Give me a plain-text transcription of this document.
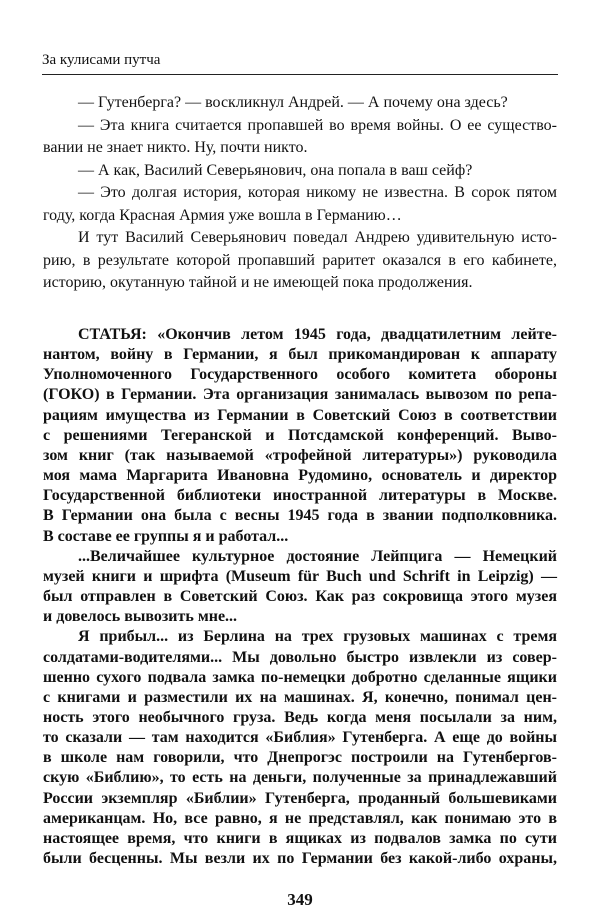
За кулисами путча
— Гутенберга? — воскликнул Андрей. — А почему она здесь?
— Эта книга считается пропавшей во время войны. О ее существо-
вании не знает никто. Ну, почти никто.
— А как, Василий Северьянович, она попала в ваш сейф?
— Это долгая история, которая никому не известна. В сорок пятом
году, когда Красная Армия уже вошла в Германию…
И тут Василий Северьянович поведал Андрею удивительную исто-
рию, в результате которой пропавший раритет оказался в его кабинете,
историю, окутанную тайной и не имеющей пока продолжения.
СТАТЬЯ: «Окончив летом 1945 года, двадцатилетним лейте-
нантом, войну в Германии, я был прикомандирован к аппарату
Уполномоченного Государственного особого комитета обороны
(ГОКО) в Германии. Эта организация занималась вывозом по репа-
рациям имущества из Германии в Советский Союз в соответствии
с решениями Тегеранской и Потсдамской конференций. Выво-
зом книг (так называемой «трофейной литературы») руководила
моя мама Маргарита Ивановна Рудомино, основатель и директор
Государственной библиотеки иностранной литературы в Москве.
В Германии она была с весны 1945 года в звании подполковника.
В составе ее группы я и работал...
...Величайшее культурное достояние Лейпцига — Немецкий
музей книги и шрифта (Museum für Buch und Schrift in Leipzig) —
был отправлен в Советский Союз. Как раз сокровища этого музея
и довелось вывозить мне...
Я прибыл... из Берлина на трех грузовых машинах с тремя
солдатами-водителями... Мы довольно быстро извлекли из совер-
шенно сухого подвала замка по-немецки добротно сделанные ящики
с книгами и разместили их на машинах. Я, конечно, понимал цен-
ность этого необычного груза. Ведь когда меня посылали за ним,
то сказали — там находится «Библия» Гутенберга. А еще до войны
в школе нам говорили, что Днепрогэс построили на Гутенбергов-
скую «Библию», то есть на деньги, полученные за принадлежавший
России экземпляр «Библии» Гутенберга, проданный большевиками
американцам. Но, все равно, я не представлял, как понимаю это в
настоящее время, что книги в ящиках из подвалов замка по сути
были бесценны. Мы везли их по Германии без какой-либо охраны,
349
